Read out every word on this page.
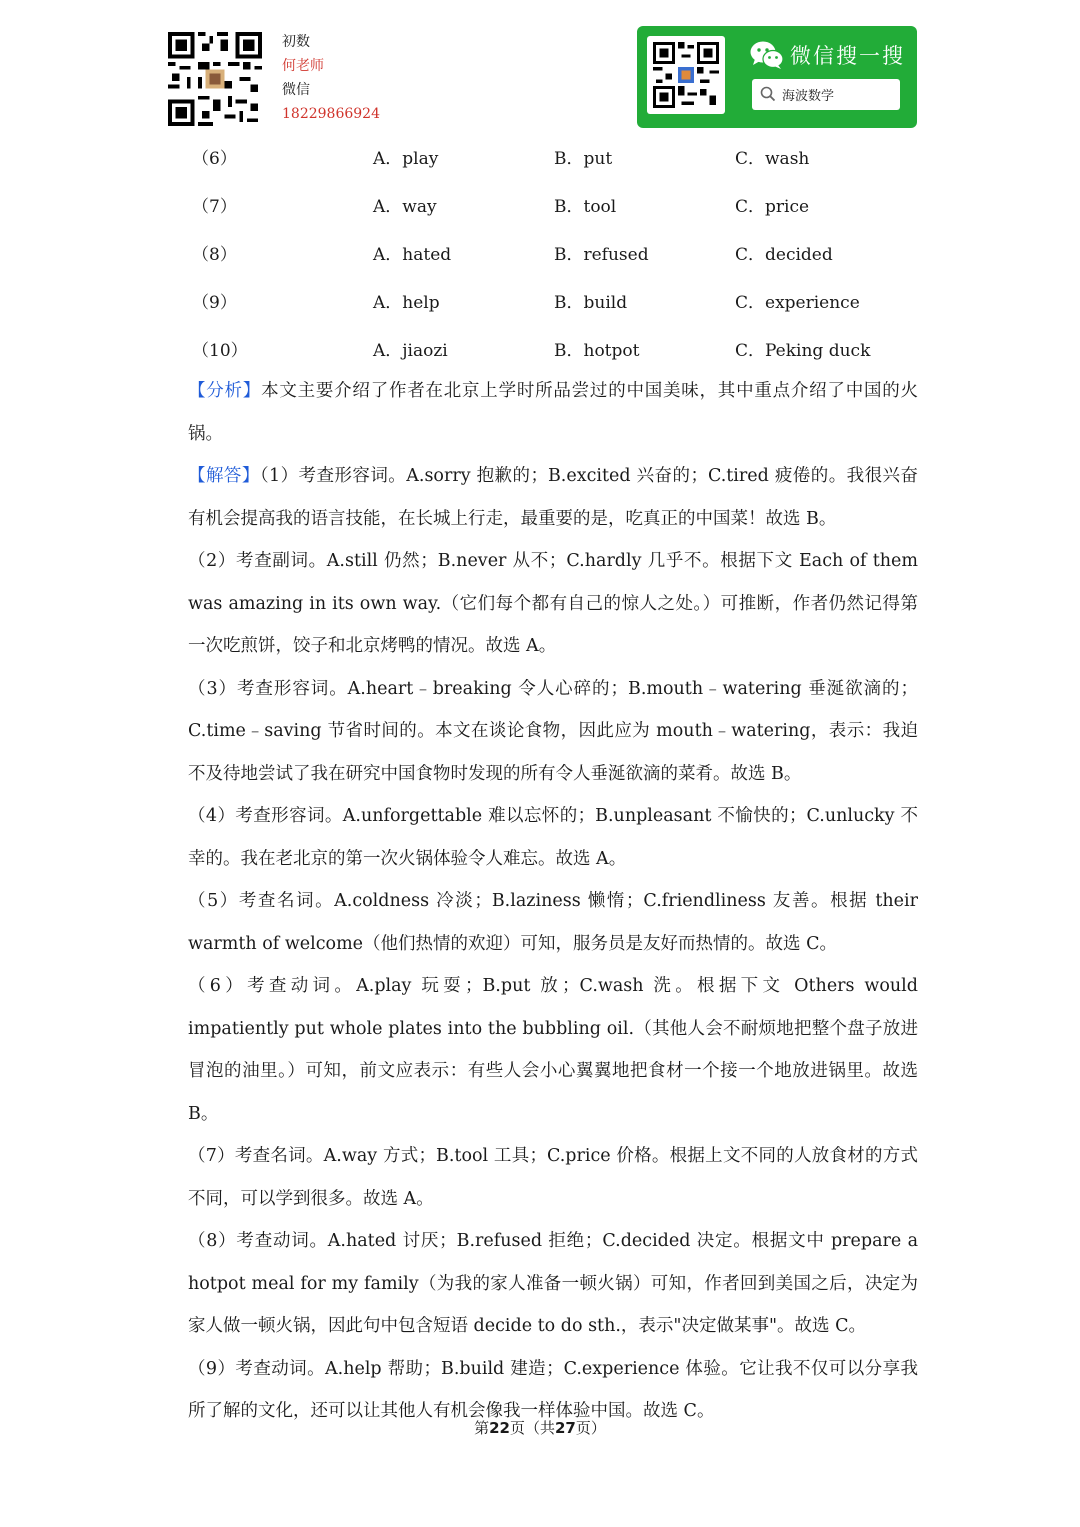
初数
何老师
微信
18229866924
微信搜一搜
海波数学
（6）	A．play	B．put	C．wash
（7）	A．way	B．tool	C．price
（8）	A．hated	B．refused	C．decided
（9）	A．help	B．build	C．experience
（10）	A．jiaozi	B．hotpot	C．Peking duck

【分析】本文主要介绍了作者在北京上学时所品尝过的中国美味，其中重点介绍了中国的火锅。

【解答】（1）考查形容词。A.sorry 抱歉的；B.excited 兴奋的；C.tired 疲倦的。我很兴奋有机会提高我的语言技能，在长城上行走，最重要的是，吃真正的中国菜！故选 B。

（2）考查副词。A.still 仍然；B.never 从不；C.hardly 几乎不。根据下文 Each of them was amazing in its own way.（它们每个都有自己的惊人之处。）可推断，作者仍然记得第一次吃煎饼，饺子和北京烤鸭的情况。故选 A。

（3）考查形容词。A.heart﹣breaking 令人心碎的；B.mouth﹣watering 垂涎欲滴的；C.time﹣saving 节省时间的。本文在谈论食物，因此应为 mouth﹣watering，表示：我迫不及待地尝试了我在研究中国食物时发现的所有令人垂涎欲滴的菜肴。故选 B。

（4）考查形容词。A.unforgettable 难以忘怀的；B.unpleasant 不愉快的；C.unlucky 不幸的。我在老北京的第一次火锅体验令人难忘。故选 A。

（5）考查名词。A.coldness 冷淡；B.laziness 懒惰；C.friendliness 友善。根据 their warmth of welcome（他们热情的欢迎）可知，服务员是友好而热情的。故选 C。

（6）考查动词。A.play 玩耍；B.put 放；C.wash 洗。根据下文 Others would impatiently put whole plates into the bubbling oil.（其他人会不耐烦地把整个盘子放进冒泡的油里。）可知，前文应表示：有些人会小心翼翼地把食材一个接一个地放进锅里。故选 B。

（7）考查名词。A.way 方式；B.tool 工具；C.price 价格。根据上文不同的人放食材的方式不同，可以学到很多。故选 A。

（8）考查动词。A.hated 讨厌；B.refused 拒绝；C.decided 决定。根据文中 prepare a hotpot meal for my family（为我的家人准备一顿火锅）可知，作者回到美国之后，决定为家人做一顿火锅，因此句中包含短语 decide to do sth.，表示"决定做某事"。故选 C。

（9）考查动词。A.help 帮助；B.build 建造；C.experience 体验。它让我不仅可以分享我所了解的文化，还可以让其他人有机会像我一样体验中国。故选 C。

第22页（共27页）
